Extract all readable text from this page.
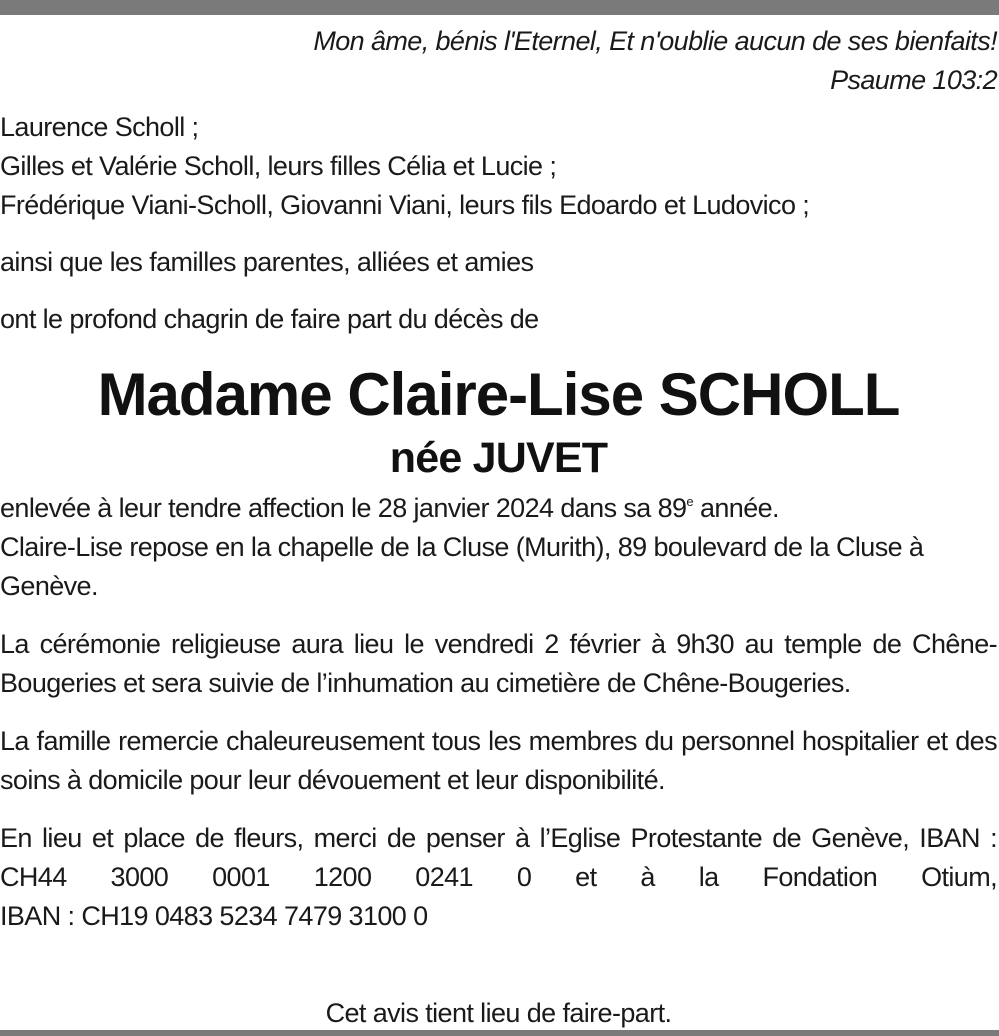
Mon âme, bénis l'Eternel, Et n'oublie aucun de ses bienfaits!
Psaume 103:2

Laurence Scholl ;

Gilles et Valérie Scholl, leurs filles Célia et Lucie ;

Frédérique Viani-Scholl, Giovanni Viani, leurs fils Edoardo et Ludovico ;

ainsi que les familles parentes, alliées et amies

ont le profond chagrin de faire part du décès de

Madame Claire-Lise SCHOLL
née JUVET

enlevée à leur tendre affection le 28 janvier 2024 dans sa 89e année.

Claire-Lise repose en la chapelle de la Cluse (Murith), 89 boulevard de la Cluse à Genève.

La cérémonie religieuse aura lieu le vendredi 2 février à 9h30 au temple de Chêne-Bougeries et sera suivie de l’inhumation au cimetière de Chêne-Bougeries.

La famille remercie chaleureusement tous les membres du personnel hospitalier et des soins à domicile pour leur dévouement et leur disponibilité.

En lieu et place de fleurs, merci de penser à l’Eglise Protestante de Genève, IBAN : CH44 3000 0001 1200 0241 0 et à la Fondation Otium,

IBAN : CH19 0483 5234 7479 3100 0

Cet avis tient lieu de faire-part.
